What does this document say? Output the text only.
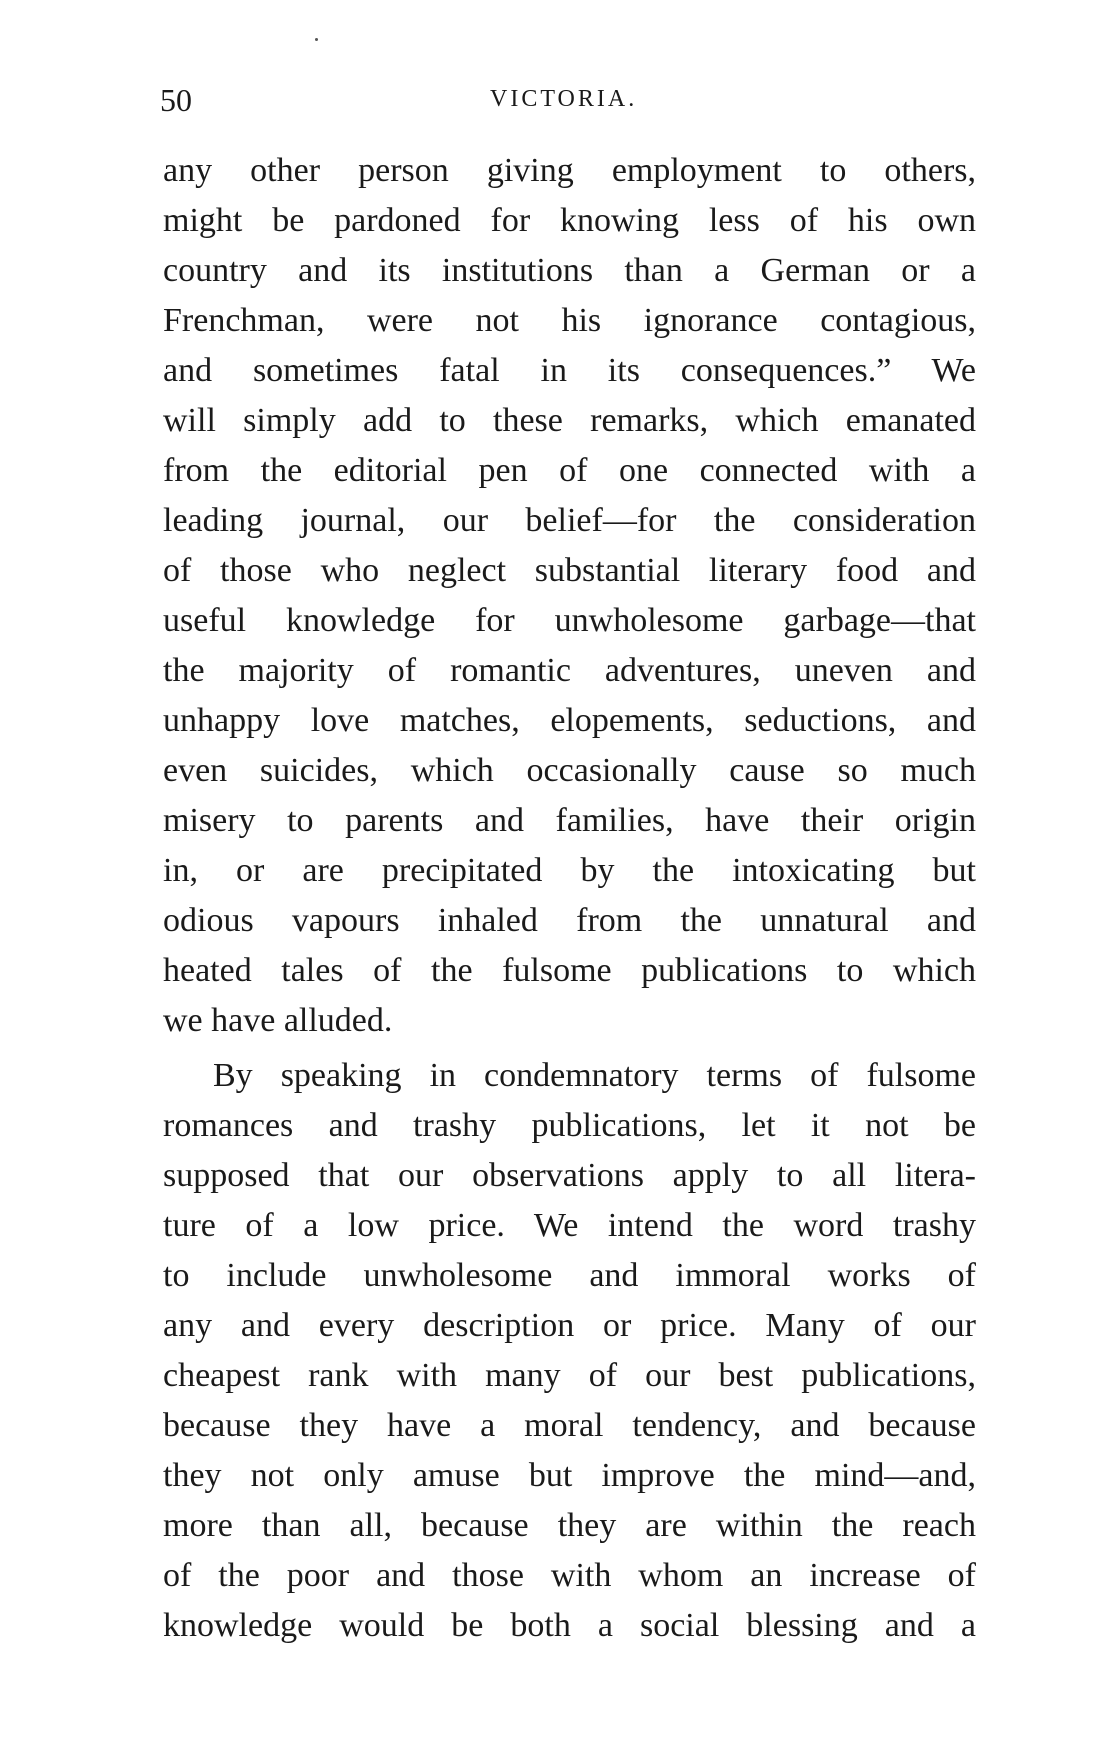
50	VICTORIA.
any other person giving employment to others,
might be pardoned for knowing less of his own
country and its institutions than a German or a
Frenchman, were not his ignorance contagious,
and sometimes fatal in its consequences.” We
will simply add to these remarks, which emanated
from the editorial pen of one connected with a
leading journal, our belief—for the consideration
of those who neglect substantial literary food and
useful knowledge for unwholesome garbage—that
the majority of romantic adventures, uneven and
unhappy love matches, elopements, seductions, and
even suicides, which occasionally cause so much
misery to parents and families, have their origin
in, or are precipitated by the intoxicating but
odious vapours inhaled from the unnatural and
heated tales of the fulsome publications to which
we have alluded.
By speaking in condemnatory terms of fulsome
romances and trashy publications, let it not be
supposed that our observations apply to all litera-
ture of a low price. We intend the word trashy
to include unwholesome and immoral works of
any and every description or price. Many of our
cheapest rank with many of our best publications,
because they have a moral tendency, and because
they not only amuse but improve the mind—and,
more than all, because they are within the reach
of the poor and those with whom an increase of
knowledge would be both a social blessing and a
